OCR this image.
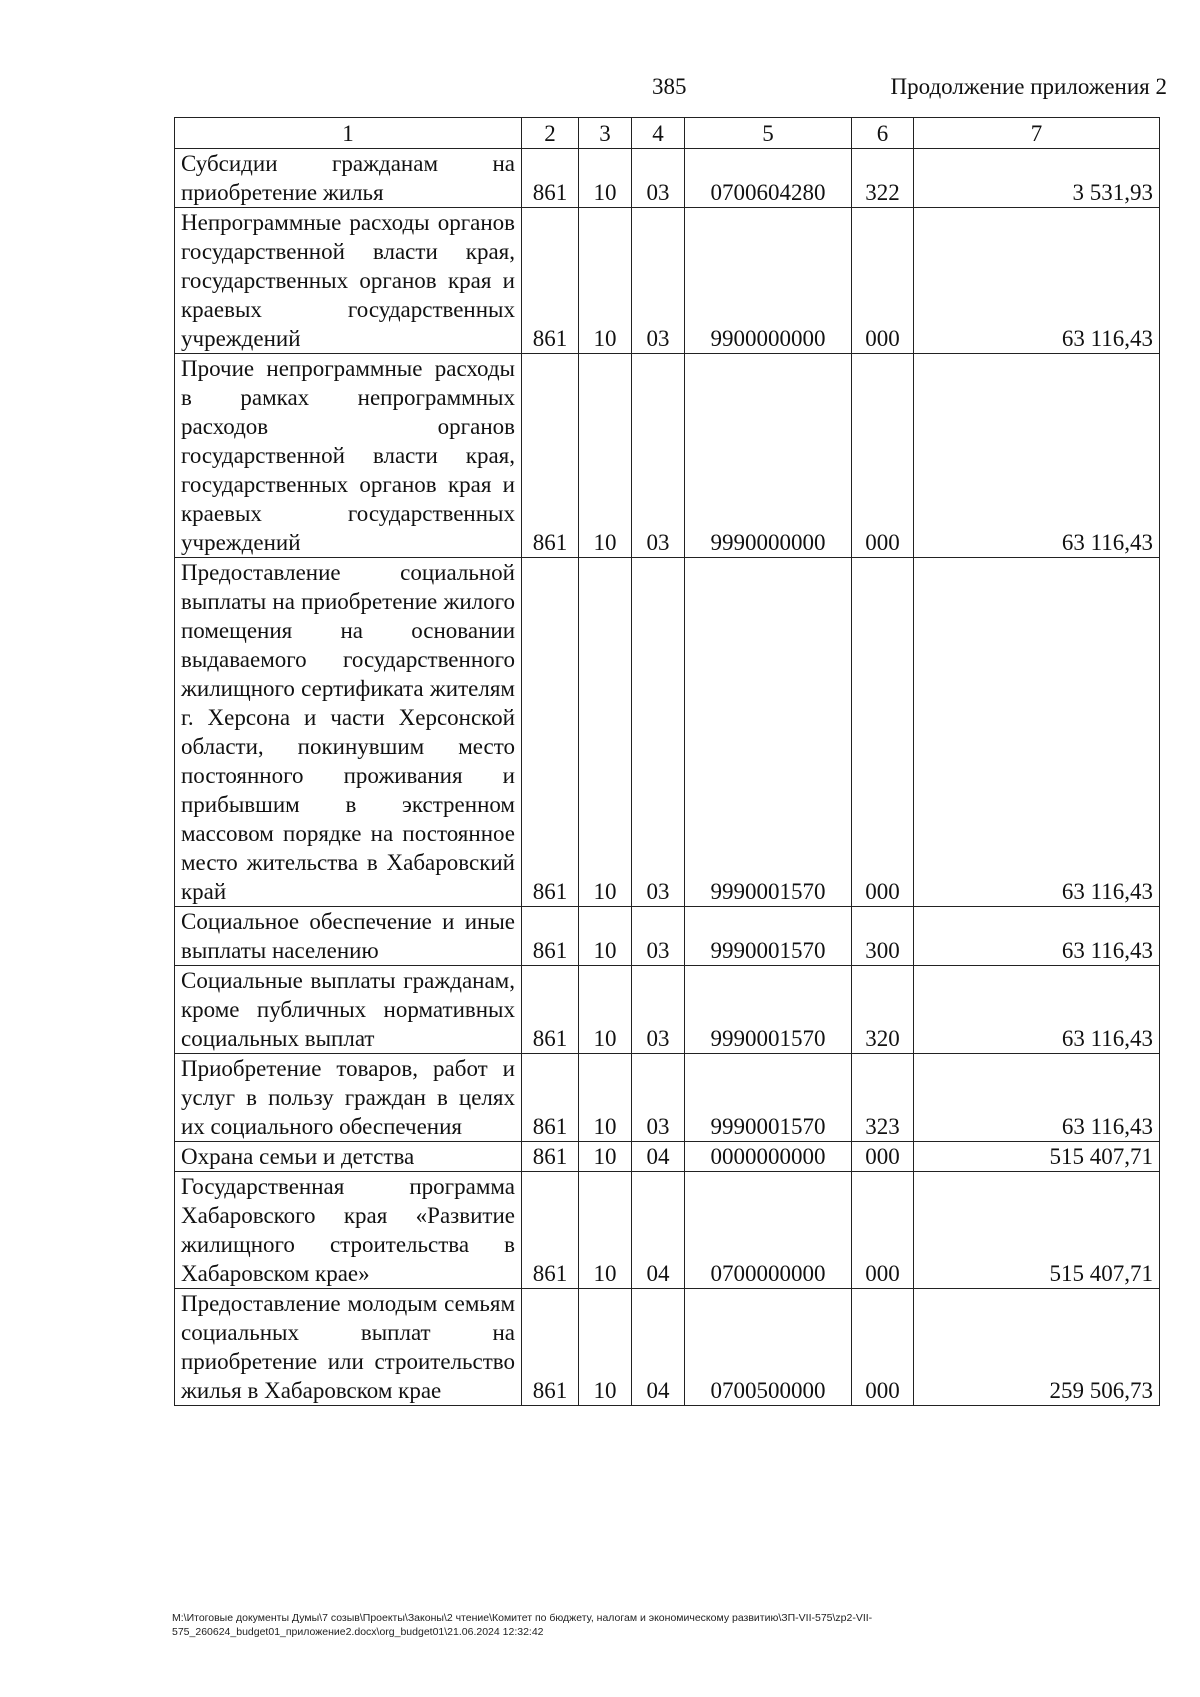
385	Продолжение приложения 2
1	2	3	4	5	6	7
Субсидии гражданам на приобретение жилья	861	10	03	0700604280	322	3 531,93
Непрограммные расходы органов государственной власти края, государственных органов края и краевых государственных учреждений	861	10	03	9900000000	000	63 116,43
Прочие непрограммные расходы в рамках непрограммных расходов органов государственной власти края, государственных органов края и краевых государственных учреждений	861	10	03	9990000000	000	63 116,43
Предоставление социальной выплаты на приобретение жилого помещения на основании выдаваемого государственного жилищного сертификата жителям г. Херсона и части Херсонской области, покинувшим место постоянного проживания и прибывшим в экстренном массовом порядке на постоянное место жительства в Хабаровский край	861	10	03	9990001570	000	63 116,43
Социальное обеспечение и иные выплаты населению	861	10	03	9990001570	300	63 116,43
Социальные выплаты гражданам, кроме публичных нормативных социальных выплат	861	10	03	9990001570	320	63 116,43
Приобретение товаров, работ и услуг в пользу граждан в целях их социального обеспечения	861	10	03	9990001570	323	63 116,43
Охрана семьи и детства	861	10	04	0000000000	000	515 407,71
Государственная программа Хабаровского края «Развитие жилищного строительства в Хабаровском крае»	861	10	04	0700000000	000	515 407,71
Предоставление молодым семьям социальных выплат на приобретение или строительство жилья в Хабаровском крае	861	10	04	0700500000	000	259 506,73
M:\Итоговые документы Думы\7 созыв\Проекты\Законы\2 чтение\Комитет по бюджету, налогам и экономическому развитию\ЗП-VII-575\zp2-VII-575_260624_budget01_приложение2.docx\org_budget01\21.06.2024 12:32:42
